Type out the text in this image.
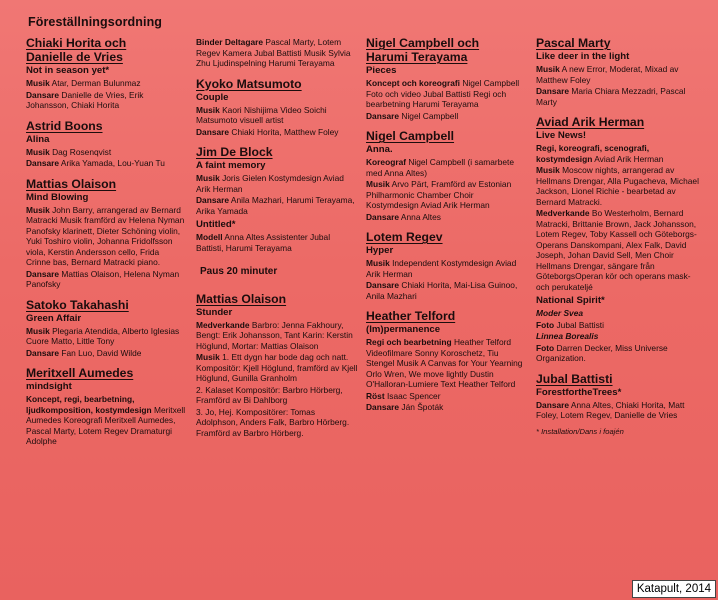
Föreställningsordning
Chiaki Horita och
Danielle de Vries
Not in season yet*
Musik Atar, Derman Bulunmaz
Dansare Danielle de Vries, Erik Johansson, Chiaki Horita
Astrid Boons
Alina
Musik Dag Rosenqvist
Dansare Arika Yamada, Lou-Yuan Tu
Mattias Olaison
Mind Blowing
Musik John Barry, arrangerad av Bernard Matracki Musik framförd av Helena Nyman Panofsky klarinett, Dieter Schöning violin, Yuki Toshiro violin, Johanna Fridolfsson viola, Kerstin Andersson cello, Frida Crinne bas, Bernard Matracki piano.
Dansare Mattias Olaison, Helena Nyman Panofsky
Satoko Takahashi
Green Affair
Musik Plegaria Atendida, Alberto Iglesias Cuore Matto, Little Tony
Dansare Fan Luo, David Wilde
Meritxell Aumedes
mindsight
Koncept, regi, bearbetning, ljudkomposition, kostymdesign Meritxell Aumedes Koreografi Meritxell Aumedes, Pascal Marty, Lotem Regev Dramaturgi Adolphe
Binder Deltagare Pascal Marty, Lotem Regev Kamera Jubal Battisti Musik Sylvia Zhu Ljudinspelning Harumi Terayama
Kyoko Matsumoto
Couple
Musik Kaori Nishijima Video Soichi Matsumoto visuell artist
Dansare Chiaki Horita, Matthew Foley
Jim De Block
A faint memory
Musik Joris Gielen Kostymdesign Aviad Arik Herman
Dansare Anila Mazhari, Harumi Terayama, Arika Yamada
Untitled*
Modell Anna Altes Assistenter Jubal Battisti, Harumi Terayama
Paus 20 minuter
Mattias Olaison
Stunder
Medverkande Barbro: Jenna Fakhoury, Bengt: Erik Johansson, Tant Karin: Kerstin Höglund, Mortar: Mattias Olaison
Musik 1. Ett dygn har bode dag och natt. Kompositör: Kjell Höglund, framförd av Kjell Höglund, Gunilla Granholm
2. Kalaset Kompositör: Barbro Hörberg, Framförd av Bi Dahlborg
3. Jo, Hej. Kompositörer: Tomas Adolphson, Anders Falk, Barbro Hörberg. Framförd av Barbro Hörberg.
Nigel Campbell och
Harumi Terayama
Pieces
Koncept och koreografi Nigel Campbell Foto och video Jubal Battisti Regi och bearbetning Harumi Terayama
Dansare Nigel Campbell
Nigel Campbell
Anna.
Koreograf Nigel Campbell (i samarbete med Anna Altes)
Musik Arvo Pärt, Framförd av Estonian Philharmonic Chamber Choir Kostymdesign Aviad Arik Herman
Dansare Anna Altes
Lotem Regev
Hyper
Musik Independent Kostymdesign Aviad Arik Herman
Dansare Chiaki Horita, Mai-Lisa Guinoo, Anila Mazhari
Heather Telford
(Im)permanence
Regi och bearbetning Heather Telford Videofilmare Sonny Koroschetz, Tiu Stengel Musik A Canvas for Your Yearning Orlo Wren, We move lightly Dustin O'Halloran-Lumiere Text Heather Telford
Röst Isaac Spencer
Dansare Ján Špoták
Pascal Marty
Like deer in the light
Musik A new Error, Moderat, Mixad av Matthew Foley
Dansare Maria Chiara Mezzadri, Pascal Marty
Aviad Arik Herman
Live News!
Regi, koreografi, scenografi, kostymdesign Aviad Arik Herman
Musik Moscow nights, arrangerad av Hellmans Drengar, Alla Pugacheva, Michael Jackson, Lionel Richie - bearbetad av Bernard Matracki.
Medverkande Bo Westerholm, Bernard Matracki, Brittanie Brown, Jack Johansson, Lotem Regev, Toby Kassell och Göteborgs-Operans Danskompani, Alex Falk, David Joseph, Johan David Sell, Men Choir Hellmans Drengar, sängare från GöteborgsOperan kör och operans mask- och perukateljé
National Spirit*
Moder Svea
Foto Jubal Battisti
Linnea Borealis
Foto Darren Decker, Miss Universe Organization.
Jubal Battisti
ForestfortheTrees*
Dansare Anna Altes, Chiaki Horita, Matt Foley, Lotem Regev, Danielle de Vries
* Installation/Dans i foajén
Katapult, 2014
